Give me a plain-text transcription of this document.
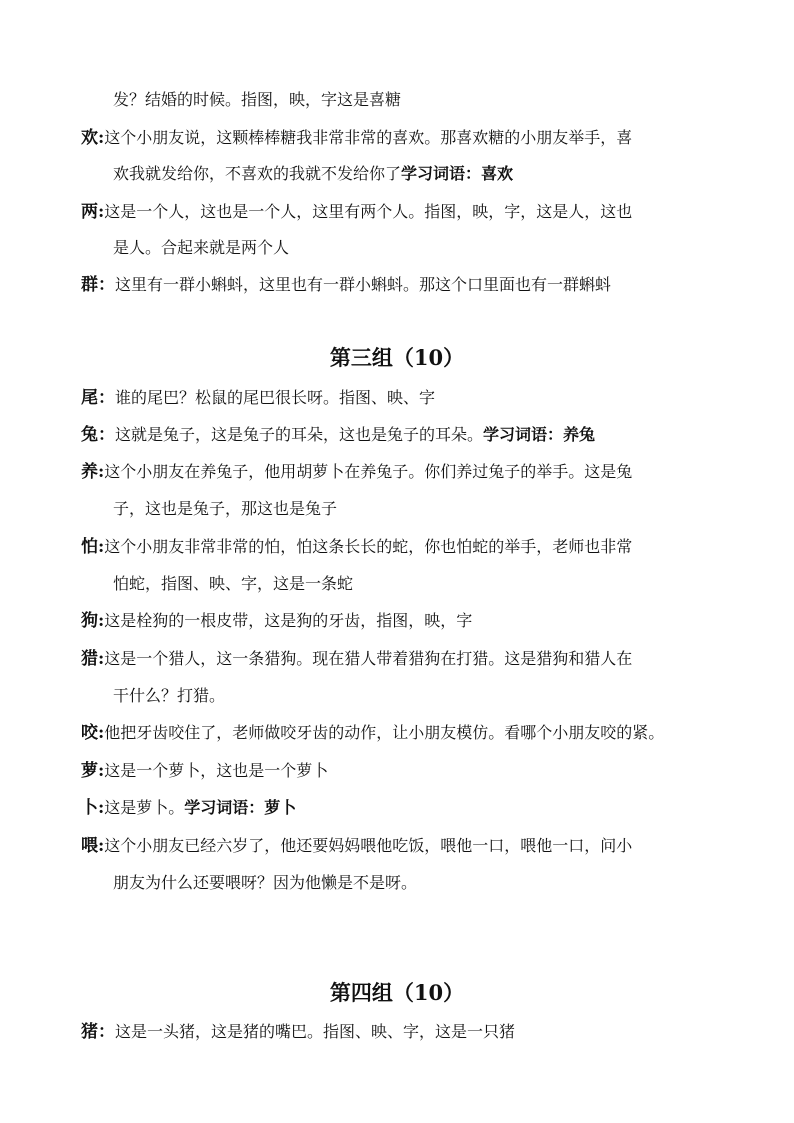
发？结婚的时候。指图，映，字这是喜糖
欢:这个小朋友说，这颗棒棒糖我非常非常的喜欢。那喜欢糖的小朋友举手，喜
欢我就发给你，不喜欢的我就不发给你了学习词语：喜欢
两:这是一个人，这也是一个人，这里有两个人。指图，映，字，这是人，这也
是人。合起来就是两个人
群：这里有一群小蝌蚪，这里也有一群小蝌蚪。那这个口里面也有一群蝌蚪
第三组（10）
尾：谁的尾巴？松鼠的尾巴很长呀。指图、映、字
兔：这就是兔子，这是兔子的耳朵，这也是兔子的耳朵。学习词语：养兔
养:这个小朋友在养兔子，他用胡萝卜在养兔子。你们养过兔子的举手。这是兔
子，这也是兔子，那这也是兔子
怕:这个小朋友非常非常的怕，怕这条长长的蛇，你也怕蛇的举手，老师也非常
怕蛇，指图、映、字，这是一条蛇
狗:这是栓狗的一根皮带，这是狗的牙齿，指图，映，字
猎:这是一个猎人，这一条猎狗。现在猎人带着猎狗在打猎。这是猎狗和猎人在
干什么？打猎。
咬:他把牙齿咬住了，老师做咬牙齿的动作，让小朋友模仿。看哪个小朋友咬的紧。
萝:这是一个萝卜，这也是一个萝卜
卜:这是萝卜。学习词语：萝卜
喂:这个小朋友已经六岁了，他还要妈妈喂他吃饭，喂他一口，喂他一口，问小
朋友为什么还要喂呀？因为他懒是不是呀。
第四组（10）
猪：这是一头猪，这是猪的嘴巴。指图、映、字，这是一只猪
